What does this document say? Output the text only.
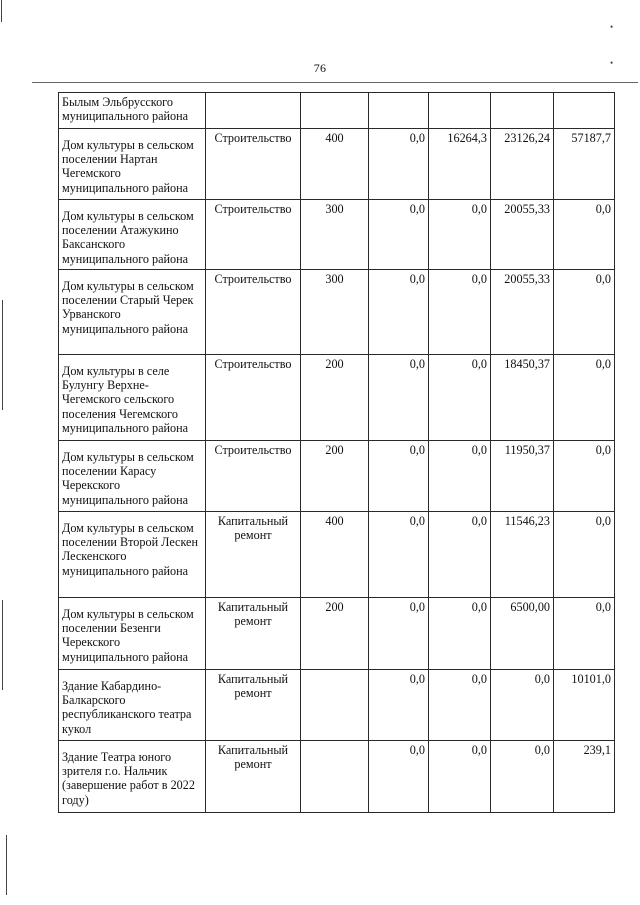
76
Былым Эльбрусского муниципального района						
Дом культуры в сельском поселении Нартан Чегемского муниципального района	Строительство	400	0,0	16264,3	23126,24	57187,7
Дом культуры в сельском поселении Атажукино Баксанского муниципального района	Строительство	300	0,0	0,0	20055,33	0,0
Дом культуры в сельском поселении Старый Черек Урванского муниципального района	Строительство	300	0,0	0,0	20055,33	0,0
Дом культуры в селе Булунгу Верхне-Чегемского сельского поселения Чегемского муниципального района	Строительство	200	0,0	0,0	18450,37	0,0
Дом культуры в сельском поселении Карасу Черекского муниципального района	Строительство	200	0,0	0,0	11950,37	0,0
Дом культуры в сельском поселении Второй Лескен Лескенского муниципального района	Капитальный ремонт	400	0,0	0,0	11546,23	0,0
Дом культуры в сельском поселении Безенги Черекского муниципального района	Капитальный ремонт	200	0,0	0,0	6500,00	0,0
Здание Кабардино-Балкарского республиканского театра кукол	Капитальный ремонт		0,0	0,0	0,0	10101,0
Здание Театра юного зрителя г.о. Нальчик (завершение работ в 2022 году)	Капитальный ремонт		0,0	0,0	0,0	239,1
•
•
